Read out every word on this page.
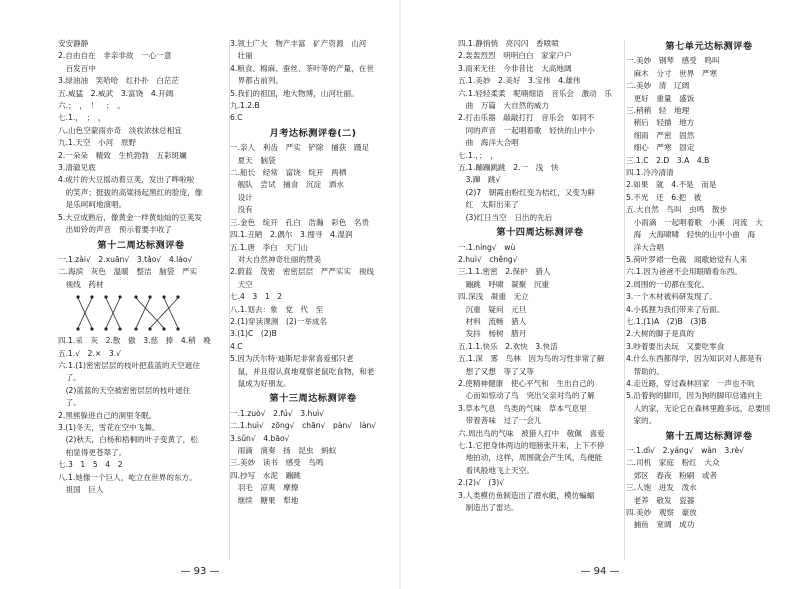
安安静静
2.自由自在　非亲非故　一心一意
　百发百中
3.绿油油　笑哈哈　红扑扑　白茫茫
五.威猛　2.威武　3.富饶　4.开阔
六.；　，　！　；　。
七.1.，　；　，
八.山色空蒙雨亦奇　淡妆浓抹总相宜
九.1.天空　小河　原野
2.一朵朵　精致　生机勃勃　五彩斑斓
3.清澈见底
4.成片的大豆摇动着豆荚，发出了哗啦啦
　的笑声；挺拔的高粱扬起黑红的脸庞，像
　是乐呵呵地演唱。
5.大豆成熟后，像黄金一样黄灿灿的豆荚发
　出如铃的声音　预示着要丰收了
第十二周达标测评卷
一.1.zài√　2.xuān√　3.tǎo√　4.láo√
二.海滨　灰色　温暖　整洁　脑袋　严实
　视线　药材
四.1.采　灰　2.散　傲　3.慈　捧　4.稍　晚
五.1.√　2.×　3.√
六.1.(1)密密层层的枝叶把蓝蓝的天空遮住
　了。
　(2)蓝蓝的天空被密密层层的枝叶遮住
　了。
2.黑熊躲进自己的洞里冬眠。
3.(1)冬天，雪花在空中飞舞。
　(2)秋天，白杨和梧桐的叶子变黄了，松
　柏显得更苍翠了。
七.3　1　5　4　2
八.1.她像一个巨人，屹立在世界的东方。
　祖国　巨人
3.领土广大　物产丰富　矿产资源　山河
　壮丽
4.粮食、棉麻、蚕丝、茶叶等的产量，在世
　界都占前列。
5.我们的祖国，地大物博，山河壮丽。
九.1.2.B
6.C
月考达标测评卷(二)
一.亲人　利齿　严实　铲除　捕获　蹑足
　夏天　脑袋
二.船长　经常　富饶　绽开　两栖
　舰队　尝试　捕食　沉淀　洒水
　设计
　没有
三.金色　绽开　孔白　浩瀚　彩色　名贵
四.1.丑陋　2.偶尔　3.搜寻　4.湿润
五.1.唐　李白　天门山
　对大自然神奇壮丽的赞美
2.蔚蓝　茂密　密密层层　严严实实　视线
　天空
七.4　3　1　2
八.1.划去：象　党　代　至
2.(1)穿读课测　(2)一举成名
3.(1)C　(2)B
4.C
5.因为沃尔特·迪斯尼非常喜爱那只老
　鼠，并且很认真地观察老鼠吃食物，和老
　鼠成为好朋友。
第十三周达标测评卷
一.1.zuò√　2.fú√　3.huì√
二.1.huì√　zōng√　chān√　pàn√　làn√
3.sǔn√　4.bāo√
　雨滴　演奏　扬　昆虫　蚂蚁
三.美妙　读书　感受　鸟鸣
四.抄写　水泥　蹦跳
　羽毛　凉爽　摩擦
　继续　糖果　犁地
— 93 —
四.1.静悄悄　亮闪闪　香喷喷
2.轰轰烈烈　明明白白　家家户户
3.雨来无往　今非昔比　大高地阔
五.1.美妙　2.美好　3.宝伟　4.雄伟
六.1.轻轻柔柔　呢喃细语　音乐会　激动　乐
　曲　万篇　大自然的威力
2.打击乐器　敲敲打打　音乐会　如同不
　同的声音　一起唱着歌　轻快的山中小
　曲　海洋大合唱
七.1.，；　，
五.1.蹦蹦跳跳　2.一　浅　快
　3.蹿　跳√
　(2)7　朝霞由粉红变为桔红，又变为鲜
　红　太阳出来了
　(3)红日当空　日出的先后
第十四周达标测评卷
一.1.níng√　wù
2.huì√　chěng√
三.1.1.密密　2.保护　猎人
　蹦跳　呼啸　凝聚　沉重
四.深浅　凝重　无立
　沉重　疑问　元旦
　材料　流畅　猎人
　发抖　杨树　腊月
五.1.1.快乐　2.欢快　3.快活
五.1.深　雾　鸟林　因为鸟的习性非常了解
　想了又想　等了又等
2.使精神健康　使心平气和　生出自己的
　心而如惊动了鸟　突出父亲对鸟的了解
3.草本气息　鸟类的气味　草本气息里
　带着菩味　过了一会儿
六.周出鸟的气味　被猎人打中　敬佩　喜爱
七.1.它把身体两边的翅膀张开来，上下不停
　地拍动，这样，周围就会产生风，鸟便能
　看风般地飞上天空。
2.(2)√　(3)√
3.人类模仿鱼制造出了潜水艇，模仿蝙蝠
　制造出了雷达。
第七单元达标测评卷
一.美妙　钢琴　感受　鸣叫
　麻木　分寸　世界　严寒
二.美妙　清　辽阔
　更好　重量　盛饭
三.稍稍　轻　地理
　稍后　轻描　地方
　细雨　严密　固然
　细心　严寒　固定
三.1.C　2.D　3.A　4.B
四.1.冷冷清清
2.如果　就　4.不是　而是
5.不光　还　6.把　被
五.大自然　鸟叫　虫鸣　散步
　小雨滴　一起唱着歌　小溪　河流　大
　海　大海啸啸　轻快的山中小曲　海
　洋大合唱
5.荷叶罗裙一色裁　闻歌始觉有人来
六.1.因为爸爸不会用眼睛看东西。
2.周围的一切都在变化。
3.一个木材被科研发现了。
4.小狐狸为我们带来了后面。
七.1.(1)A　(2)B　(3)B
2.大树的脚子是真的
3.吵着要出去玩　又要吃零食
4.什么东西都得学，因为知识对人都是有
　帮助的。
4.走近路，穿过森林回家　一声也不吭
5.沿着狗的脚印，因为狗的脚印总通向主
　人的家，无论它在森林里跑多远，总要回
　家的。
第十五周达标测评卷
一.1.dì√　2.yáng√　wàn　3.rè√
二.司机　家庭　粉红　大众
　郊区　春夜　粉刷　或者
三.人饱　进发　泼水
　老养　敬发　瓷器
四.美妙　观察　豪放
　捕鱼　宽阔　成功
— 94 —
